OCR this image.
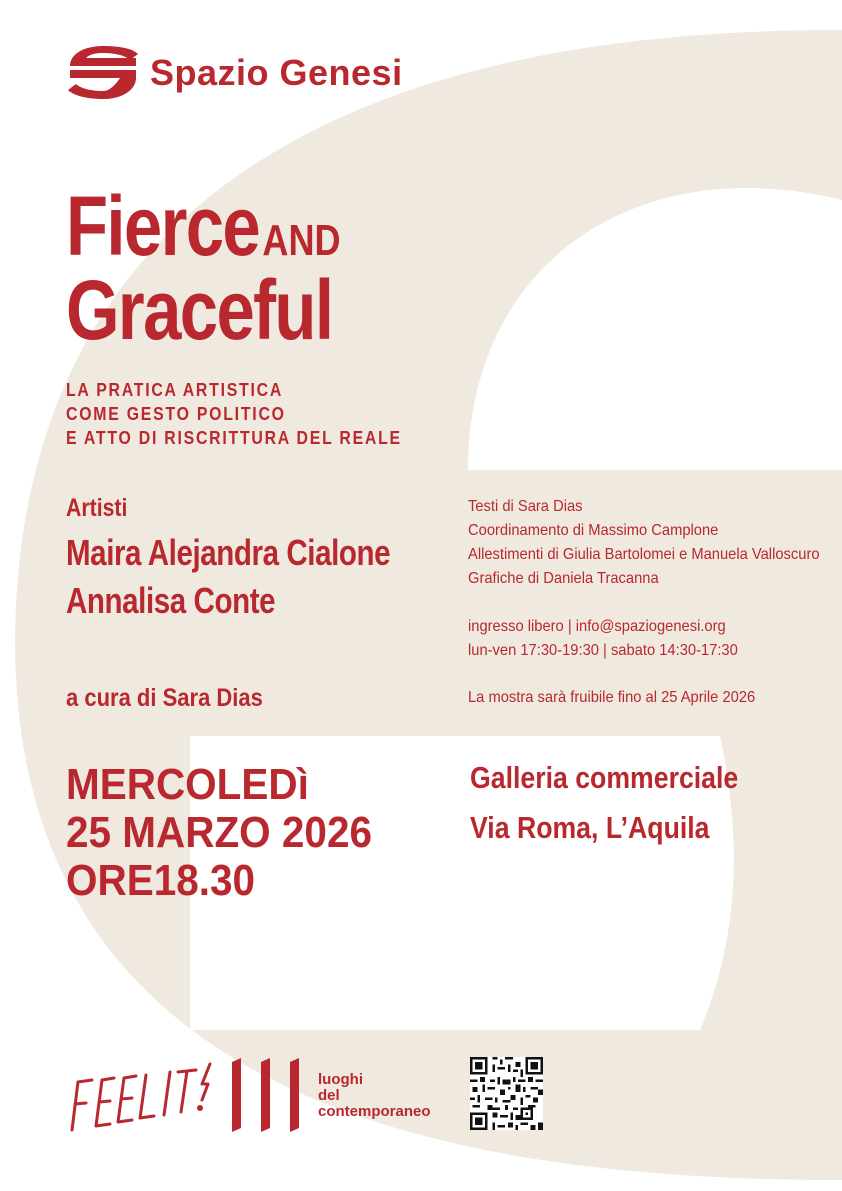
Spazio Genesi
FierceAND
Graceful
LA PRATICA ARTISTICA
COME GESTO POLITICO
E ATTO DI RISCRITTURA DEL REALE
Artisti
Maira Alejandra Cialone
Annalisa Conte
a cura di Sara Dias
Testi di Sara Dias
Coordinamento di Massimo Camplone
Allestimenti di Giulia Bartolomei e Manuela Valloscuro
Grafiche di Daniela Tracanna
ingresso libero | info@spaziogenesi.org
lun-ven 17:30-19:30 | sabato 14:30-17:30
La mostra sarà fruibile fino al 25 Aprile 2026
MERCOLEDì
25 MARZO 2026
ORE18.30
Galleria commerciale
Via Roma, L’Aquila
luoghi
del
contemporaneo
